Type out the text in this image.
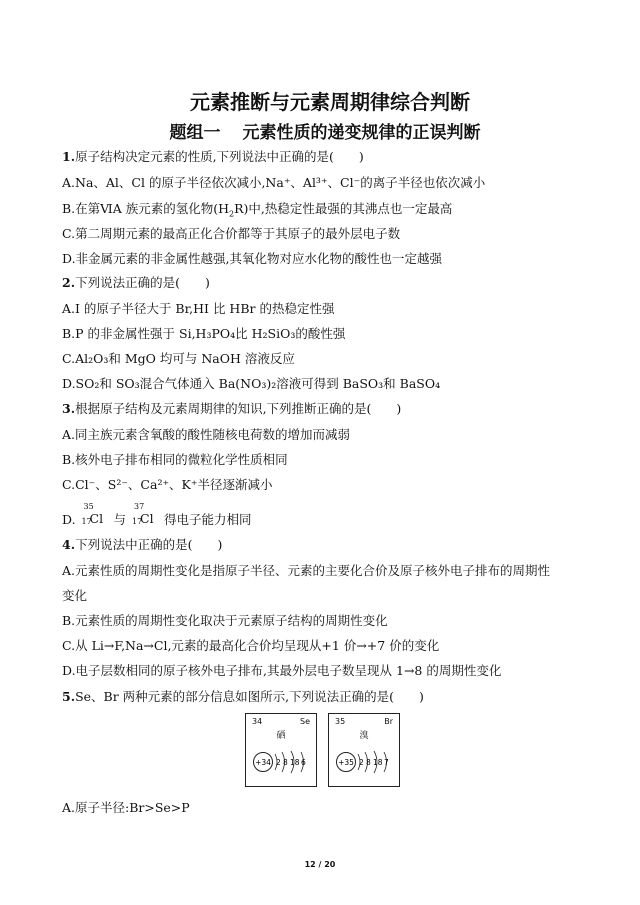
元素推断与元素周期律综合判断
题组一 元素性质的递变规律的正误判断
1.原子结构决定元素的性质,下列说法中正确的是(　　)
A.Na、Al、Cl 的原子半径依次减小,Na⁺、Al³⁺、Cl⁻的离子半径也依次减小
B.在第ⅥA 族元素的氢化物$(H_2R)$中,热稳定性最强的其沸点也一定最高
C.第二周期元素的最高正化合价都等于其原子的最外层电子数
D.非金属元素的非金属性越强,其氧化物对应水化物的酸性也一定越强
2.下列说法正确的是(　　)
A.I 的原子半径大于 Br,HI 比 HBr 的热稳定性强
B.P 的非金属性强于 Si,H₃PO₄比 H₂SiO₃的酸性强
C.Al₂O₃和 MgO 均可与 NaOH 溶液反应
D.SO₂和 SO₃混合气体通入 Ba(NO₃)₂溶液可得到 BaSO₃和 BaSO₄
3.根据原子结构及元素周期律的知识,下列推断正确的是(　　)
A.同主族元素含氧酸的酸性随核电荷数的增加而减弱
B.核外电子排布相同的微粒化学性质相同
C.Cl⁻、S²⁻、Ca²⁺、K⁺半径逐渐减小
D.
35
17
Cl 与
37
17
Cl 得电子能力相同
4.下列说法中正确的是(　　)
A.元素性质的周期性变化是指原子半径、元素的主要化合价及原子核外电子排布的周期性
变化
B.元素性质的周期性变化取决于元素原子结构的周期性变化
C.从 Li→F,Na→Cl,元素的最高化合价均呈现从+1 价→+7 价的变化
D.电子层数相同的原子核外电子排布,其最外层电子数呈现从 1→8 的周期性变化
5.Se、Br 两种元素的部分信息如图所示,下列说法正确的是(　　)
34	Se
硒
+34 2 8 18 6
35	Br
溴
+35 2 8 18 7
A.原子半径:Br>Se>P
12 / 20
